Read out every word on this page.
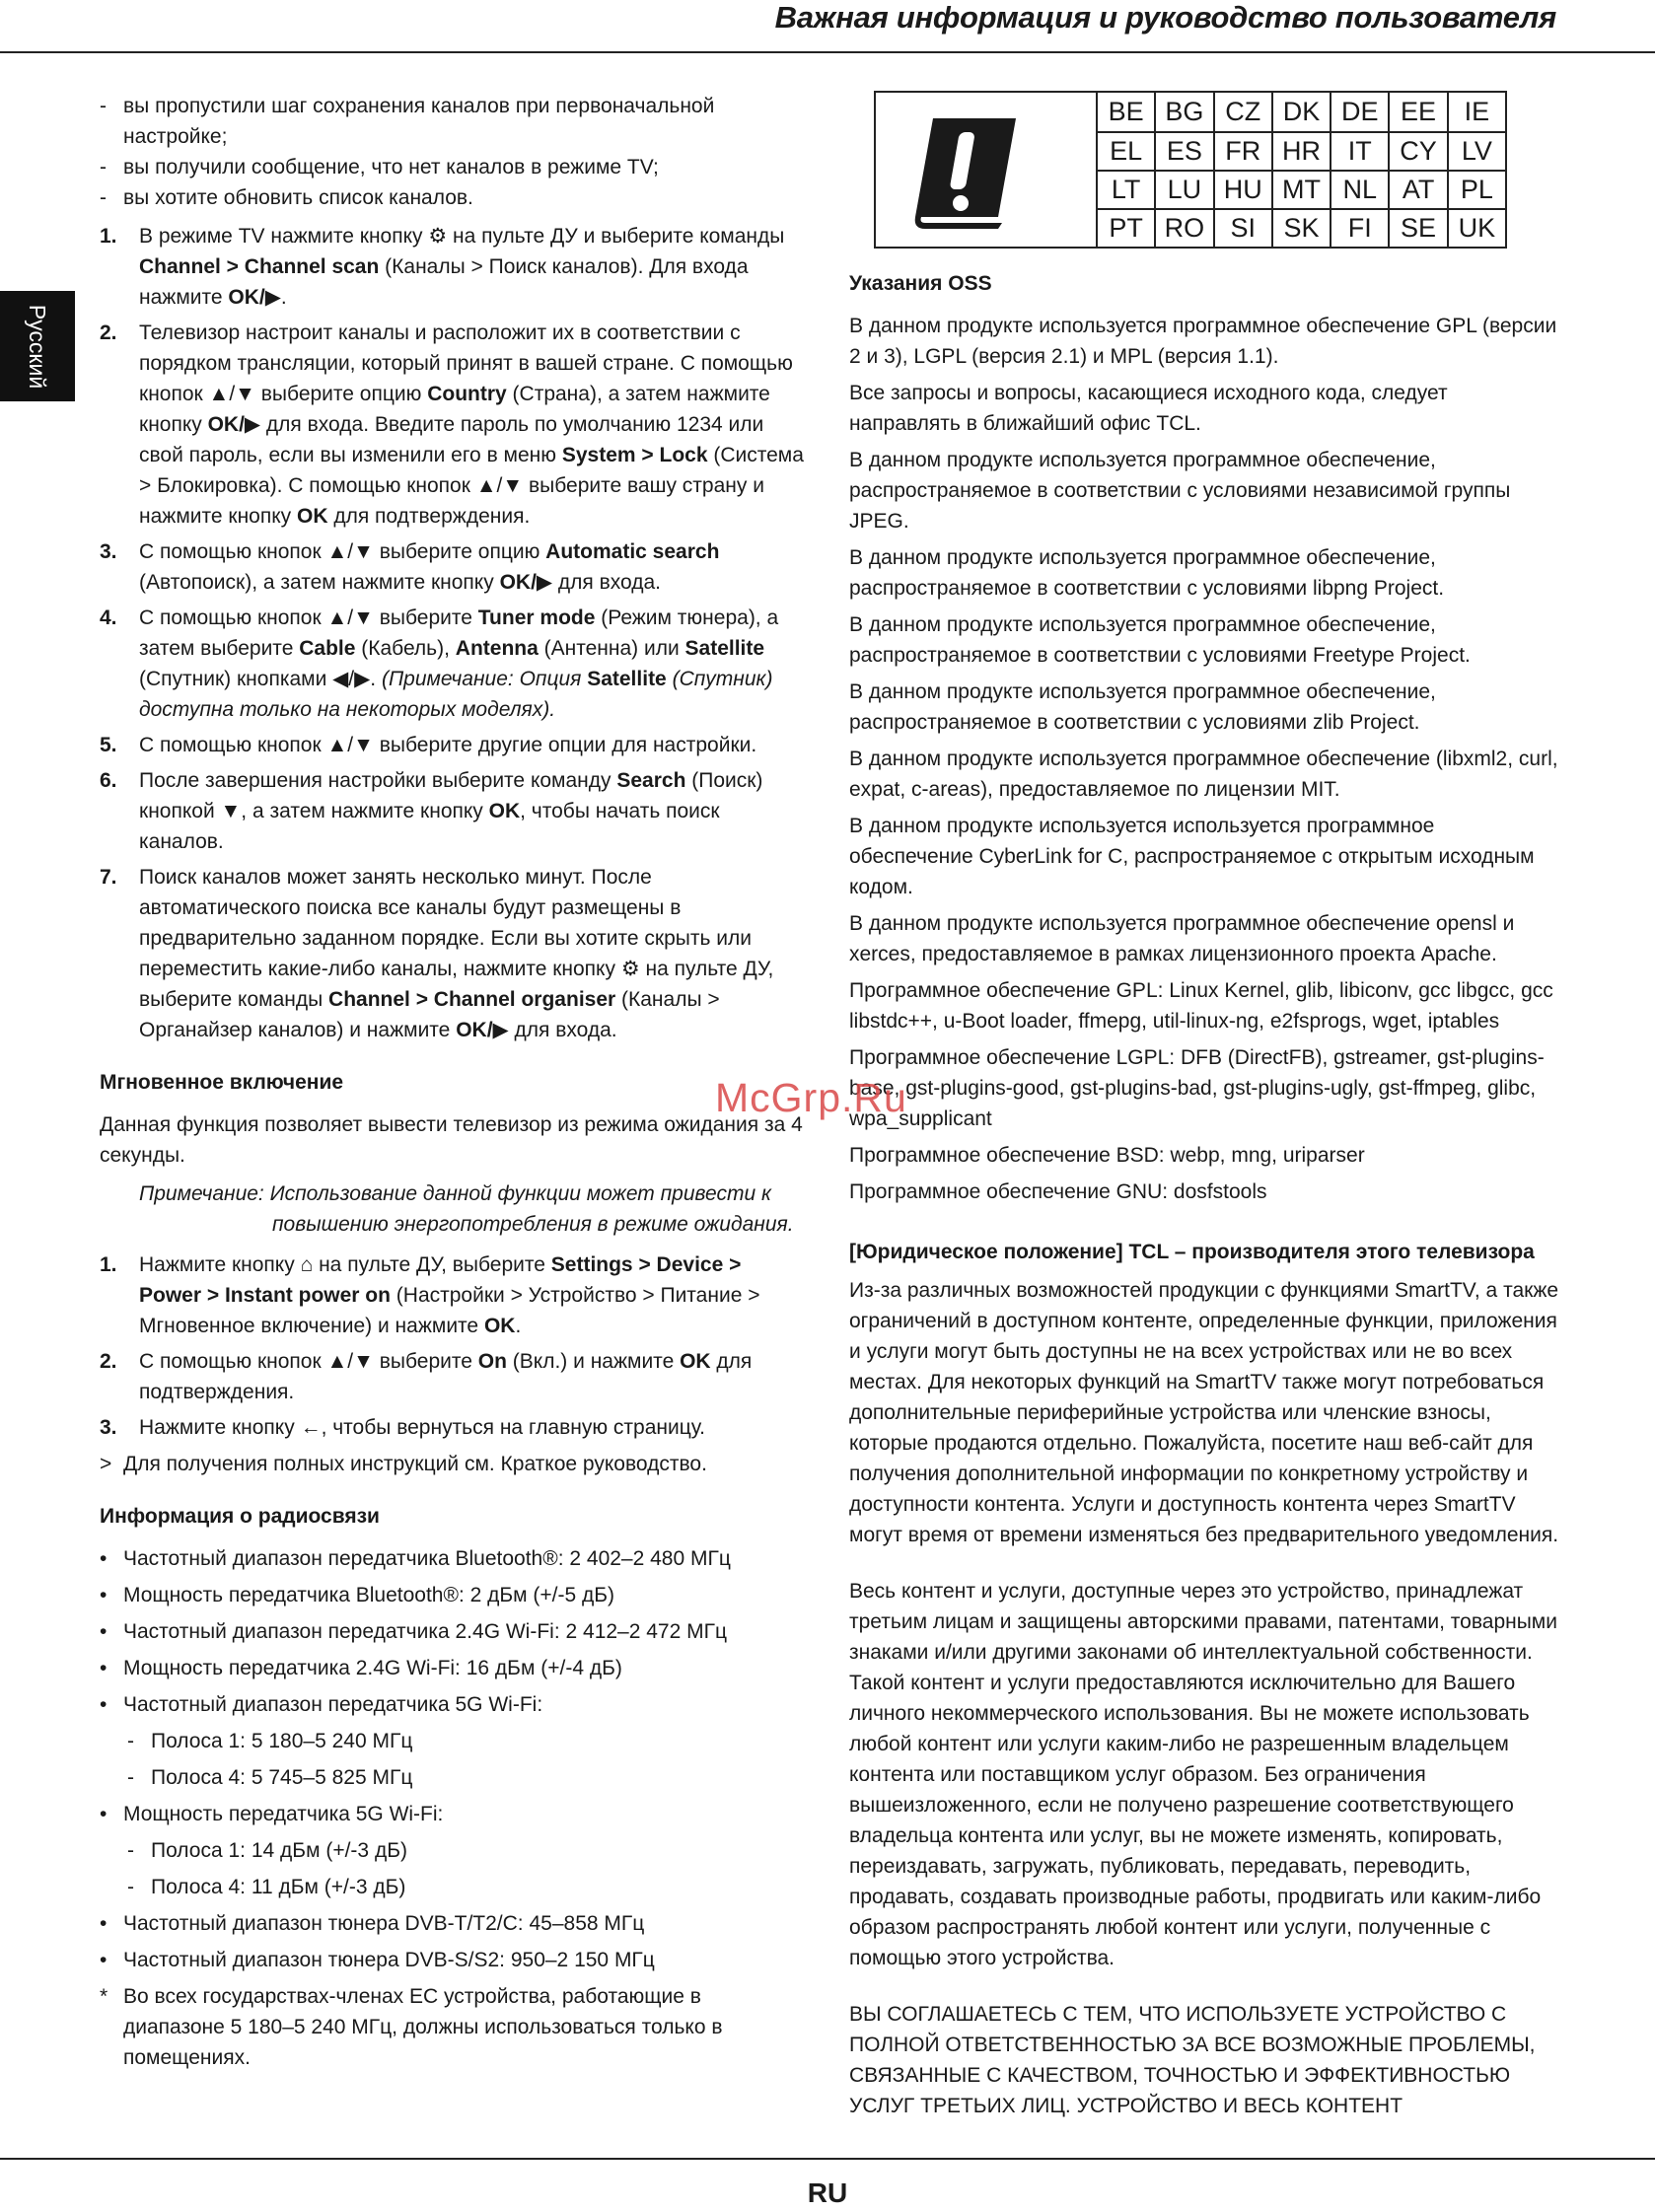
Важная информация и руководство пользователя
Русский
- вы пропустили шаг сохранения каналов при первоначальной настройке;
- вы получили сообщение, что нет каналов в режиме TV;
- вы хотите обновить список каналов.
1.	В режиме TV нажмите кнопку ⚙ на пульте ДУ и выберите команды Channel > Channel scan (Каналы > Поиск каналов). Для входа нажмите OK/▶.
2.	Телевизор настроит каналы и расположит их в соответствии с порядком трансляции, который принят в вашей стране. С помощью кнопок ▲/▼ выберите опцию Country (Страна), а затем нажмите кнопку OK/▶ для входа. Введите пароль по умолчанию 1234 или свой пароль, если вы изменили его в меню System > Lock (Система > Блокировка). С помощью кнопок ▲/▼ выберите вашу страну и нажмите кнопку OK для подтверждения.
3.	С помощью кнопок ▲/▼ выберите опцию Automatic search (Автопоиск), а затем нажмите кнопку OK/▶ для входа.
4.	С помощью кнопок ▲/▼ выберите Tuner mode (Режим тюнера), а затем выберите Cable (Кабель), Antenna (Антенна) или Satellite (Спутник) кнопками ◀/▶. (Примечание: Опция Satellite (Спутник) доступна только на некоторых моделях).
5.	С помощью кнопок ▲/▼ выберите другие опции для настройки.
6.	После завершения настройки выберите команду Search (Поиск) кнопкой ▼, а затем нажмите кнопку OK, чтобы начать поиск каналов.
7.	Поиск каналов может занять несколько минут. После автоматического поиска все каналы будут размещены в предварительно заданном порядке. Если вы хотите скрыть или переместить какие-либо каналы, нажмите кнопку ⚙ на пульте ДУ, выберите команды Channel > Channel organiser (Каналы > Органайзер каналов) и нажмите OK/▶ для входа.
Мгновенное включение

Данная функция позволяет вывести телевизор из режима ожидания за 4 секунды.

Примечание: Использование данной функции может привести к
повышению энергопотребления в режиме ожидания.
1.	Нажмите кнопку ⌂ на пульте ДУ, выберите Settings > Device > Power > Instant power on (Настройки > Устройство > Питание > Мгновенное включение) и нажмите OK.
2.	С помощью кнопок ▲/▼ выберите On (Вкл.) и нажмите OK для подтверждения.
3.	Нажмите кнопку ←, чтобы вернуться на главную страницу.
> Для получения полных инструкций см. Краткое руководство.
Информация о радиосвязи
• Частотный диапазон передатчика Bluetooth®: 2 402–2 480 МГц
• Мощность передатчика Bluetooth®: 2 дБм (+/-5 дБ)
• Частотный диапазон передатчика 2.4G Wi-Fi: 2 412–2 472 МГц
• Мощность передатчика 2.4G Wi-Fi: 16 дБм (+/-4 дБ)
• Частотный диапазон передатчика 5G Wi-Fi:
- Полоса 1: 5 180–5 240 МГц
- Полоса 4: 5 745–5 825 МГц
• Мощность передатчика 5G Wi-Fi:
- Полоса 1: 14 дБм (+/-3 дБ)
- Полоса 4: 11 дБм (+/-3 дБ)
• Частотный диапазон тюнера DVB-T/T2/C: 45–858 МГц
• Частотный диапазон тюнера DVB-S/S2: 950–2 150 МГц
* Во всех государствах-членах ЕС устройства, работающие в диапазоне 5 180–5 240 МГц, должны использоваться только в помещениях.
BE BG CZ DK DE EE	IE
EL ES FR HR	IT	CY LV
LT	LU HU MT NL AT PL
PT RO SI	SK	FI	SE UK
Указания OSS

В данном продукте используется программное обеспечение GPL (версии 2 и 3), LGPL (версия 2.1) и MPL (версия 1.1).

Все запросы и вопросы, касающиеся исходного кода, следует направлять в ближайший офис TCL.

В данном продукте используется программное обеспечение, распространяемое в соответствии с условиями независимой группы JPEG.

В данном продукте используется программное обеспечение, распространяемое в соответствии с условиями libpng Project.

В данном продукте используется программное обеспечение, распространяемое в соответствии с условиями Freetype Project.

В данном продукте используется программное обеспечение, распространяемое в соответствии с условиями zlib Project.

В данном продукте используется программное обеспечение (libxml2, curl, expat, c-areas), предоставляемое по лицензии MIT.

В данном продукте используется используется программное обеспечение CyberLink for C, распространяемое с открытым исходным кодом.

В данном продукте используется программное обеспечение opensl и xerces, предоставляемое в рамках лицензионного проекта Apache.

Программное обеспечение GPL: Linux Kernel, glib, libiconv, gcc libgcc, gcc libstdc++, u-Boot loader, ffmepg, util-linux-ng, e2fsprogs, wget, iptables

Программное обеспечение LGPL: DFB (DirectFB), gstreamer, gst-plugins-base, gst-plugins-good, gst-plugins-bad, gst-plugins-ugly, gst-ffmpeg, glibc, wpa_supplicant

Программное обеспечение BSD: webp, mng, uriparser

Программное обеспечение GNU: dosfstools

[Юридическое положение] TCL – производителя этого телевизора

Из-за различных возможностей продукции с функциями SmartTV, а также ограничений в доступном контенте, определенные функции, приложения и услуги могут быть доступны не на всех устройствах или не во всех местах. Для некоторых функций на SmartTV также могут потребоваться дополнительные периферийные устройства или членские взносы, которые продаются отдельно. Пожалуйста, посетите наш веб-сайт для получения дополнительной информации по конкретному устройству и доступности контента. Услуги и доступность контента через SmartTV могут время от времени изменяться без предварительного уведомления.

Весь контент и услуги, доступные через это устройство, принадлежат третьим лицам и защищены авторскими правами, патентами, товарными знаками и/или другими законами об интеллектуальной собственности. Такой контент и услуги предоставляются исключительно для Вашего личного некоммерческого использования. Вы не можете использовать любой контент или услуги каким-либо не разрешенным владельцем контента или поставщиком услуг образом. Без ограничения вышеизложенного, если не получено разрешение соответствующего владельца контента или услуг, вы не можете изменять, копировать, переиздавать, загружать, публиковать, передавать, переводить, продавать, создавать производные работы, продвигать или каким-либо образом распространять любой контент или услуги, полученные с помощью этого устройства.

ВЫ СОГЛАШАЕТЕСЬ С ТЕМ, ЧТО ИСПОЛЬЗУЕТЕ УСТРОЙСТВО С ПОЛНОЙ ОТВЕТСТВЕННОСТЬЮ ЗА ВСЕ ВОЗМОЖНЫЕ ПРОБЛЕМЫ, СВЯЗАННЫЕ С КАЧЕСТВОМ, ТОЧНОСТЬЮ И ЭФФЕКТИВНОСТЬЮ УСЛУГ ТРЕТЬИХ ЛИЦ. УСТРОЙСТВО И ВЕСЬ КОНТЕНТ

McGrp.Ru
RU
